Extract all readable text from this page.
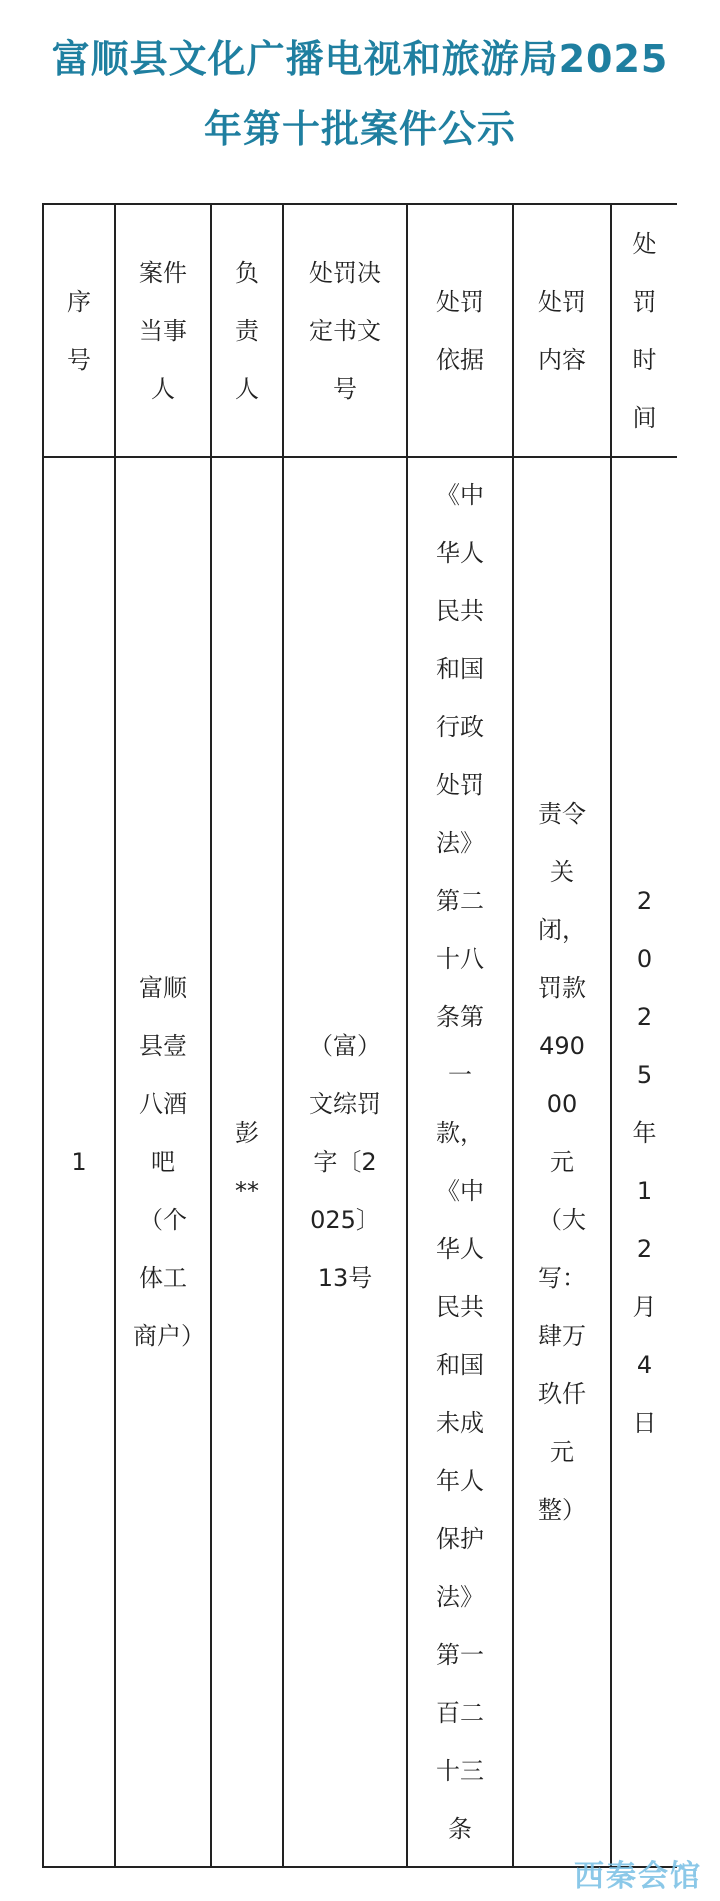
富顺县文化广播电视和旅游局2025
年第十批案件公示
序号	案件当事人	负责人	处罚决定书文号	处罚依据	处罚内容	处罚时间

1	富顺县壹八酒吧（个体工商户）	彭**	（富）文综罚字〔2025〕13号	《中华人民共和国行政处罚法》第二十八条第一款，《中华人民共和国未成年人保护法》第一百二十三条	责令关闭，罚款49000元（大写：肆万玖仟元整）	2025年12月4日
西秦会馆
